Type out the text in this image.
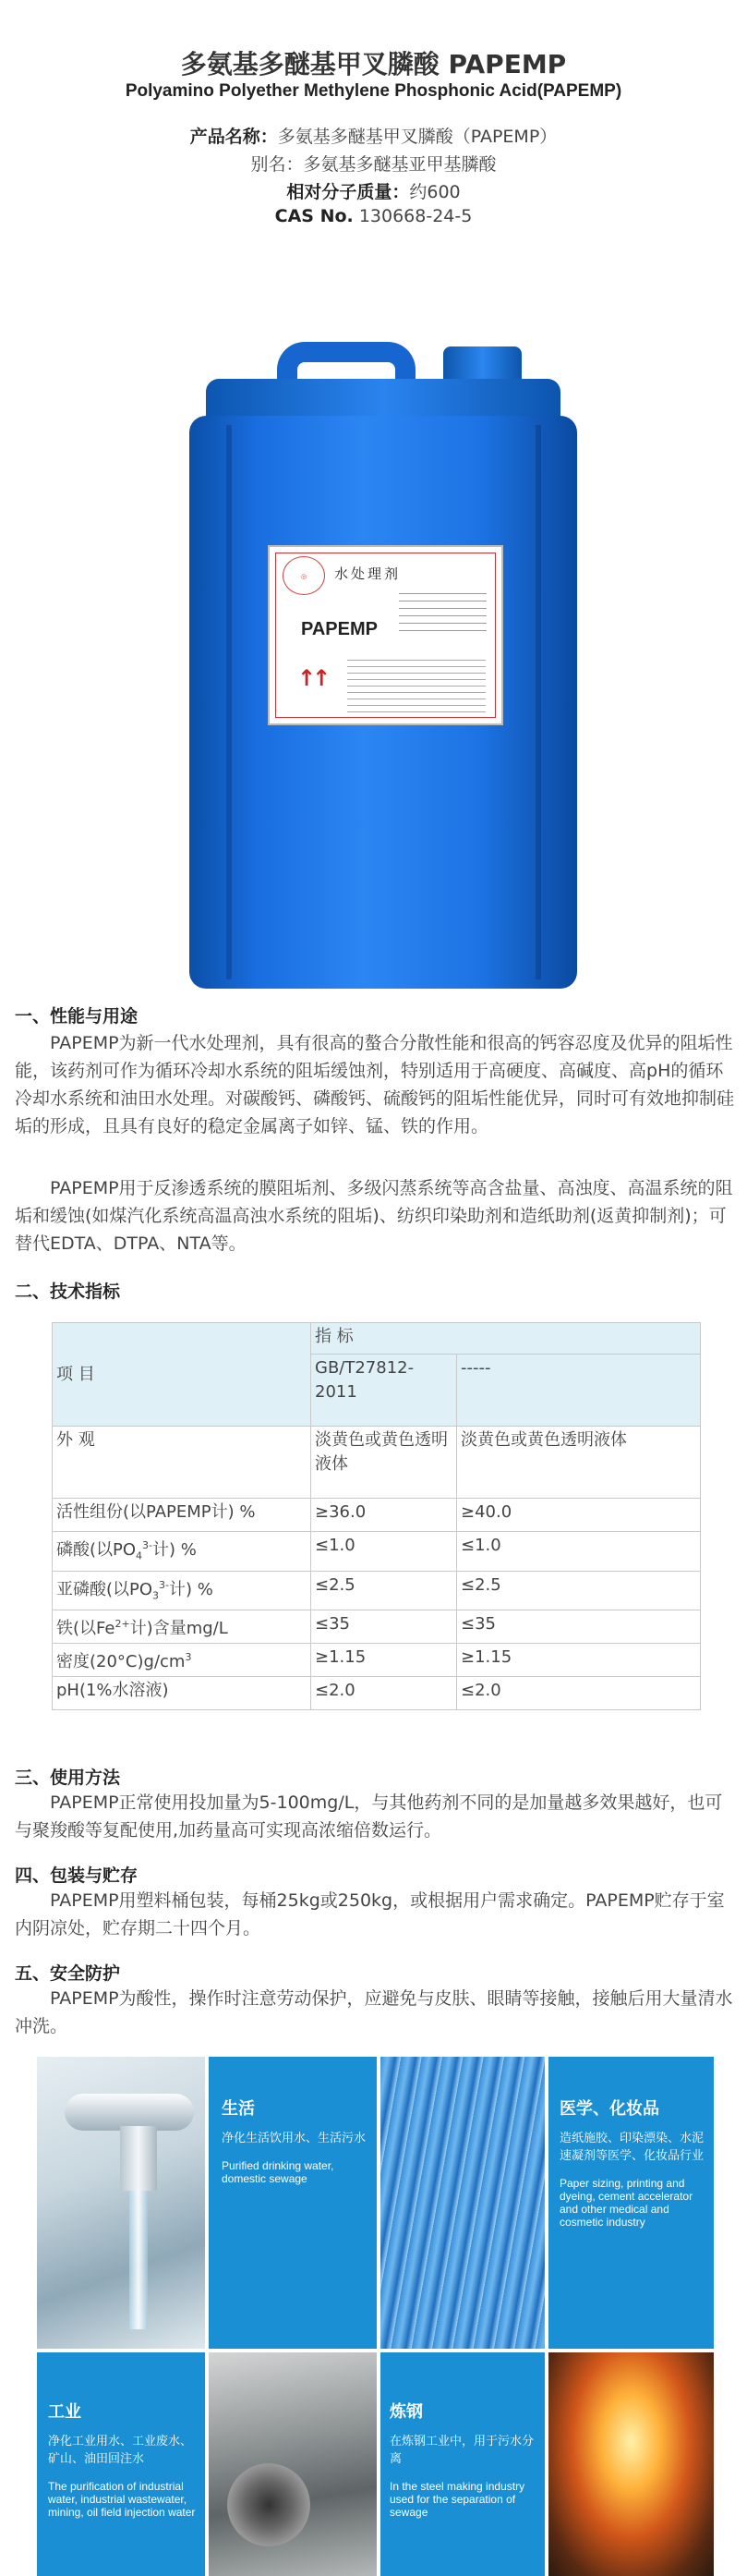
多氨基多醚基甲叉膦酸 PAPEMP
Polyamino Polyether Methylene Phosphonic Acid(PAPEMP)
产品名称：多氨基多醚基甲叉膦酸（PAPEMP）
别名：多氨基多醚基亚甲基膦酸
相对分子质量：约600
CAS No. 130668-24-5
◎	水处理剂
PAPEMP
↑↑
一、性能与用途
PAPEMP为新一代水处理剂，具有很高的螯合分散性能和很高的钙容忍度及优异的阻垢性能，该药剂可作为循环冷却水系统的阻垢缓蚀剂，特别适用于高硬度、高碱度、高pH的循环冷却水系统和油田水处理。对碳酸钙、磷酸钙、硫酸钙的阻垢性能优异，同时可有效地抑制硅垢的形成，且具有良好的稳定金属离子如锌、锰、铁的作用。
PAPEMP用于反渗透系统的膜阻垢剂、多级闪蒸系统等高含盐量、高浊度、高温系统的阻垢和缓蚀(如煤汽化系统高温高浊水系统的阻垢)、纺织印染助剂和造纸助剂(返黄抑制剂)；可替代EDTA、DTPA、NTA等。
二、技术指标
项 目	指 标	
	GB/T27812-2011	-----
外 观	淡黄色或黄色透明液体	淡黄色或黄色透明液体
活性组份(以PAPEMP计) %	≥36.0	≥40.0
磷酸(以$PO_4^{3-}$计) %	≤1.0	≤1.0
亚磷酸(以$PO_3^{3-}$计) %	≤2.5	≤2.5
铁(以$Fe^{2+}$计)含量mg/L	≤35	≤35
密度$(20^\circ C)g/cm^3$	≥1.15	≥1.15
pH(1%水溶液)	≤2.0	≤2.0
三、使用方法
PAPEMP正常使用投加量为5-100mg/L，与其他药剂不同的是加量越多效果越好，也可与聚羧酸等复配使用,加药量高可实现高浓缩倍数运行。
四、包装与贮存
PAPEMP用塑料桶包装，每桶25kg或250kg，或根据用户需求确定。PAPEMP贮存于室内阴凉处，贮存期二十四个月。
五、安全防护
PAPEMP为酸性，操作时注意劳动保护，应避免与皮肤、眼睛等接触，接触后用大量清水冲洗。
生活
净化生活饮用水、生活污水
Purified drinking water, domestic sewage
医学、化妆品
造纸施胶、印染漂染、水泥速凝剂等医学、化妆品行业
Paper sizing, printing and dyeing, cement accelerator and other medical and cosmetic industry
工业
净化工业用水、工业废水、矿山、油田回注水
The purification of industrial water, industrial wastewater, mining, oil field injection water
炼钢
在炼钢工业中，用于污水分离
In the steel making industry used for the separation of sewage
